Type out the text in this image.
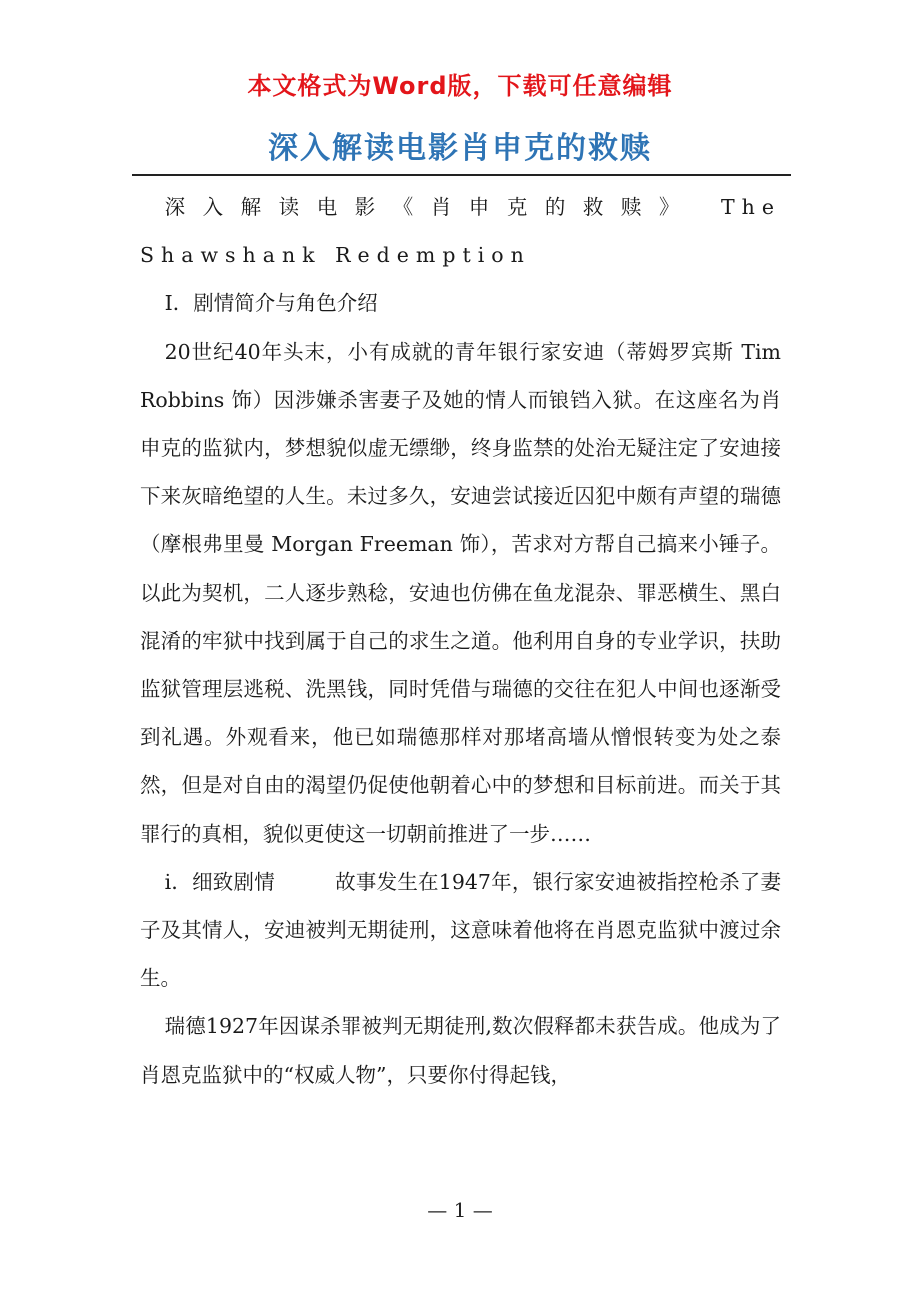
本文格式为Word版，下载可任意编辑
深入解读电影肖申克的救赎

深入解读电影《肖申克的救赎》 The Shawshank Redemption

I．剧情简介与角色介绍

20世纪40年头末，小有成就的青年银行家安迪（蒂姆罗宾斯 Tim Robbins 饰）因涉嫌杀害妻子及她的情人而锒铛入狱。在这座名为肖申克的监狱内，梦想貌似虚无缥缈，终身监禁的处治无疑注定了安迪接下来灰暗绝望的人生。未过多久，安迪尝试接近囚犯中颇有声望的瑞德（摩根弗里曼 Morgan Freeman 饰），苦求对方帮自己搞来小锤子。以此为契机，二人逐步熟稔，安迪也仿佛在鱼龙混杂、罪恶横生、黑白混淆的牢狱中找到属于自己的求生之道。他利用自身的专业学识，扶助监狱管理层逃税、洗黑钱，同时凭借与瑞德的交往在犯人中间也逐渐受到礼遇。外观看来，他已如瑞德那样对那堵高墙从憎恨转变为处之泰然，但是对自由的渴望仍促使他朝着心中的梦想和目标前进。而关于其罪行的真相，貌似更使这一切朝前推进了一步……

i．细致剧情	故事发生在1947年，银行家安迪被指控枪杀了妻子及其情人，安迪被判无期徒刑，这意味着他将在肖恩克监狱中渡过余生。

瑞德1927年因谋杀罪被判无期徒刑,数次假释都未获告成。他成为了肖恩克监狱中的“权威人物”，只要你付得起钱，

— 1 —
